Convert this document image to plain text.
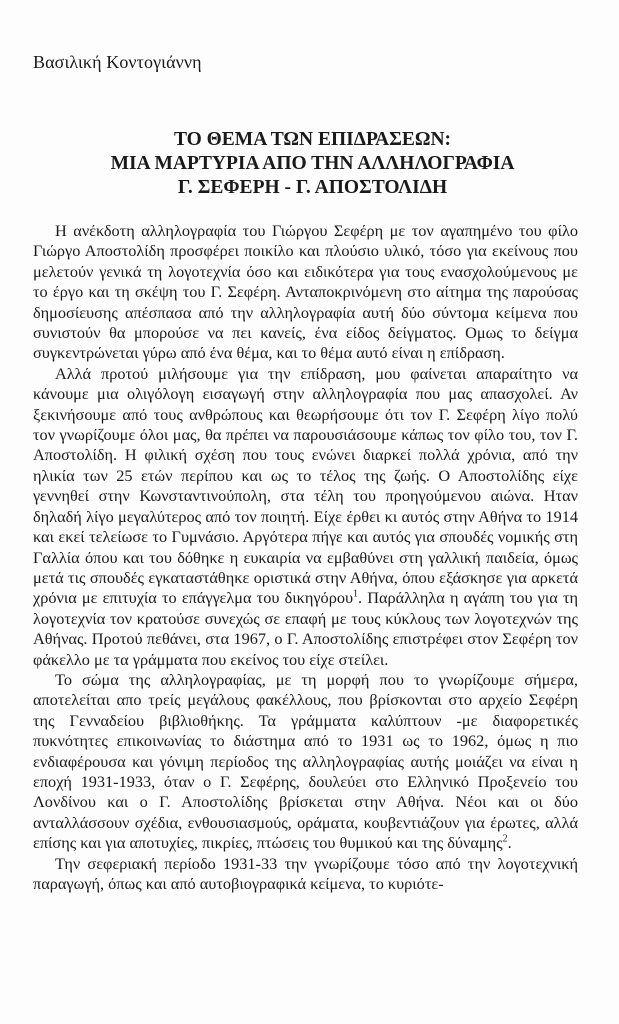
Βασιλική Κοντογιάννη
ΤΟ ΘΕΜΑ ΤΩΝ ΕΠΙΔΡΑΣΕΩΝ:
ΜΙΑ ΜΑΡΤΥΡΙΑ ΑΠΟ ΤΗΝ ΑΛΛΗΛΟΓΡΑΦΙΑ
Γ. ΣΕΦΕΡΗ - Γ. ΑΠΟΣΤΟΛΙΔΗ

Η ανέκδοτη αλληλογραφία του Γιώργου Σεφέρη με τον αγαπημένο του φίλο Γιώργο Αποστολίδη προσφέρει ποικίλο και πλούσιο υλικό, τόσο για εκείνους που μελετούν γενικά τη λογοτεχνία όσο και ειδικότερα για τους ενασχολούμενους με το έργο και τη σκέψη του Γ. Σεφέρη. Ανταποκρινόμενη στο αίτημα της παρούσας δημοσίευσης απέσπασα από την αλληλογραφία αυτή δύο σύντομα κείμενα που συνιστούν θα μπορούσε να πει κανείς, ένα είδος δείγματος. Ομως το δείγμα συγκεντρώνεται γύρω από ένα θέμα, και το θέμα αυτό είναι η επίδραση.

Αλλά προτού μιλήσουμε για την επίδραση, μου φαίνεται απαραίτητο να κάνουμε μια ολιγόλογη εισαγωγή στην αλληλογραφία που μας απασχολεί. Αν ξεκινήσουμε από τους ανθρώπους και θεωρήσουμε ότι τον Γ. Σεφέρη λίγο πολύ τον γνωρίζουμε όλοι μας, θα πρέπει να παρουσιάσουμε κάπως τον φίλο του, τον Γ. Αποστολίδη. Η φιλική σχέση που τους ενώνει διαρκεί πολλά χρόνια, από την ηλικία των 25 ετών περίπου και ως το τέλος της ζωής. Ο Αποστολίδης είχε γεννηθεί στην Κωνσταντινούπολη, στα τέλη του προηγούμενου αιώνα. Ηταν δηλαδή λίγο μεγαλύτερος από τον ποιητή. Είχε έρθει κι αυτός στην Αθήνα το 1914 και εκεί τελείωσε το Γυμνάσιο. Αργότερα πήγε και αυτός για σπουδές νομικής στη Γαλλία όπου και του δόθηκε η ευκαιρία να εμβαθύνει στη γαλλική παιδεία, όμως μετά τις σπουδές εγκαταστάθηκε οριστικά στην Αθήνα, όπου εξάσκησε για αρκετά χρόνια με επιτυχία το επάγγελμα του δικηγόρου$^1$. Παράλληλα η αγάπη του για τη λογοτεχνία τον κρατούσε συνεχώς σε επαφή με τους κύκλους των λογοτεχνών της Αθήνας. Προτού πεθάνει, στα 1967, ο Γ. Αποστολίδης επιστρέφει στον Σεφέρη τον φάκελλο με τα γράμματα που εκείνος του είχε στείλει.

Το σώμα της αλληλογραφίας, με τη μορφή που το γνωρίζουμε σήμερα, αποτελείται απο τρείς μεγάλους φακέλλους, που βρίσκονται στο αρχείο Σεφέρη της Γενναδείου βιβλιοθήκης. Τα γράμματα καλύπτουν -με διαφορετικές πυκνότητες επικοινωνίας το διάστημα από το 1931 ως το 1962, όμως η πιο ενδιαφέρουσα και γόνιμη περίοδος της αλληλογραφίας αυτής μοιάζει να είναι η εποχή 1931-1933, όταν ο Γ. Σεφέρης, δουλεύει στο Ελληνικό Προξενείο του Λονδίνου και ο Γ. Αποστολίδης βρίσκεται στην Αθήνα. Νέοι και οι δύο ανταλλάσσουν σχέδια, ενθουσιασμούς, οράματα, κουβεντιάζουν για έρωτες, αλλά επίσης και για αποτυχίες, πικρίες, πτώσεις του θυμικού και της δύναμης$^2$.

Την σεφεριακή περίοδο 1931-33 την γνωρίζουμε τόσο από την λογοτεχνική παραγωγή, όπως και από αυτοβιογραφικά κείμενα, το κυριότε-
